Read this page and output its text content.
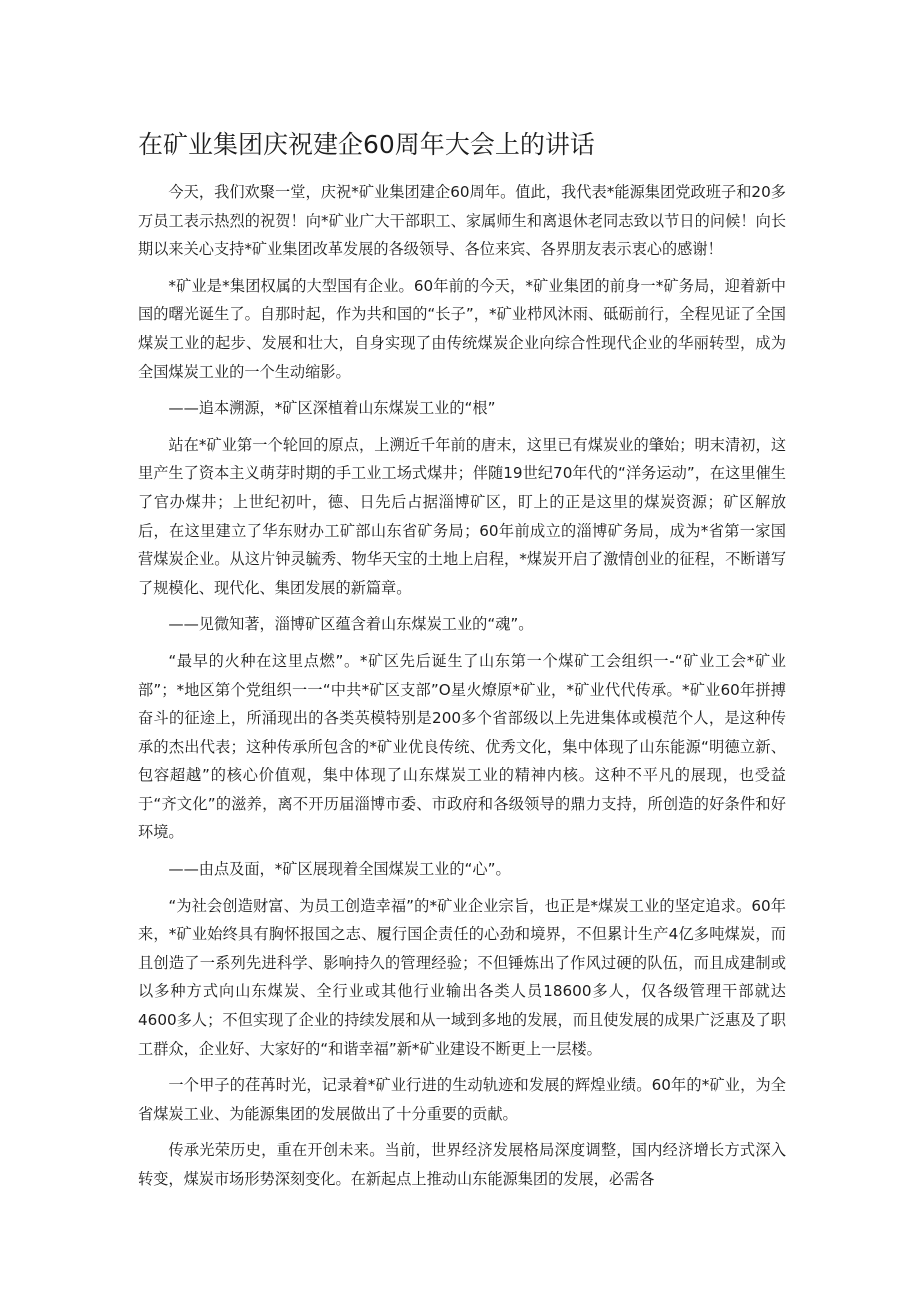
在矿业集团庆祝建企60周年大会上的讲话

今天，我们欢聚一堂，庆祝*矿业集团建企60周年。值此，我代表*能源集团党政班子和20多万员工表示热烈的祝贺！向*矿业广大干部职工、家属师生和离退休老同志致以节日的问候！向长期以来关心支持*矿业集团改革发展的各级领导、各位来宾、各界朋友表示衷心的感谢！

*矿业是*集团权属的大型国有企业。60年前的今天，*矿业集团的前身一*矿务局，迎着新中国的曙光诞生了。自那时起，作为共和国的“长子”，*矿业栉风沐雨、砥砺前行，全程见证了全国煤炭工业的起步、发展和壮大，自身实现了由传统煤炭企业向综合性现代企业的华丽转型，成为全国煤炭工业的一个生动缩影。

——追本溯源，*矿区深植着山东煤炭工业的“根”

站在*矿业第一个轮回的原点，上溯近千年前的唐末，这里已有煤炭业的肇始；明末清初，这里产生了资本主义萌芽时期的手工业工场式煤井；伴随19世纪70年代的“洋务运动”，在这里催生了官办煤井；上世纪初叶，德、日先后占据淄博矿区，盯上的正是这里的煤炭资源；矿区解放后，在这里建立了华东财办工矿部山东省矿务局；60年前成立的淄博矿务局，成为*省第一家国营煤炭企业。从这片钟灵毓秀、物华天宝的土地上启程，*煤炭开启了激情创业的征程，不断谱写了规模化、现代化、集团发展的新篇章。

——见微知著，淄博矿区蕴含着山东煤炭工业的“魂”。

“最早的火种在这里点燃”。*矿区先后诞生了山东第一个煤矿工会组织一-“矿业工会*矿业部”；*地区第个党组织一一“中共*矿区支部”O星火燎原*矿业，*矿业代代传承。*矿业60年拼搏奋斗的征途上，所涌现出的各类英模特别是200多个省部级以上先进集体或模范个人，是这种传承的杰出代表；这种传承所包含的*矿业优良传统、优秀文化，集中体现了山东能源“明德立新、包容超越”的核心价值观，集中体现了山东煤炭工业的精神内核。这种不平凡的展现，也受益于“齐文化”的滋养，离不开历届淄博市委、市政府和各级领导的鼎力支持，所创造的好条件和好环境。

——由点及面，*矿区展现着全国煤炭工业的“心”。

“为社会创造财富、为员工创造幸福”的*矿业企业宗旨，也正是*煤炭工业的坚定追求。60年来，*矿业始终具有胸怀报国之志、履行国企责任的心劲和境界，不但累计生产4亿多吨煤炭，而且创造了一系列先进科学、影响持久的管理经验；不但锤炼出了作风过硬的队伍，而且成建制或以多种方式向山东煤炭、全行业或其他行业输出各类人员18600多人，仅各级管理干部就达4600多人；不但实现了企业的持续发展和从一域到多地的发展，而且使发展的成果广泛惠及了职工群众，企业好、大家好的“和谐幸福”新*矿业建设不断更上一层楼。

一个甲子的荏苒时光，记录着*矿业行进的生动轨迹和发展的辉煌业绩。60年的*矿业，为全省煤炭工业、为能源集团的发展做出了十分重要的贡献。

传承光荣历史，重在开创未来。当前，世界经济发展格局深度调整，国内经济增长方式深入转变，煤炭市场形势深刻变化。在新起点上推动山东能源集团的发展，必需各
